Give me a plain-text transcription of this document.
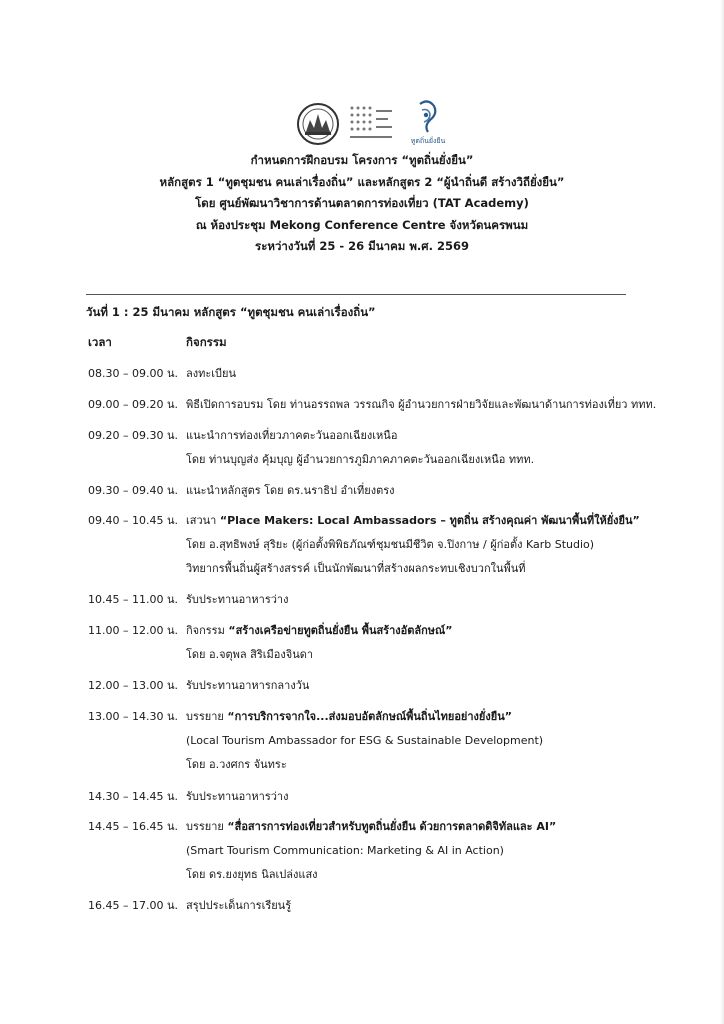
ทูตถิ่นยั่งยืน
กำหนดการฝึกอบรม โครงการ “ทูตถิ่นยั่งยืน”
หลักสูตร 1 “ทูตชุมชน คนเล่าเรื่องถิ่น” และหลักสูตร 2 “ผู้นำถิ่นดี สร้างวิถียั่งยืน”
โดย ศูนย์พัฒนาวิชาการด้านตลาดการท่องเที่ยว (TAT Academy)
ณ ห้องประชุม Mekong Conference Centre จังหวัดนครพนม
ระหว่างวันที่ 25 - 26 มีนาคม พ.ศ. 2569
วันที่ 1 : 25 มีนาคม หลักสูตร “ทูตชุมชน คนเล่าเรื่องถิ่น”
เวลา	กิจกรรม
08.30 – 09.00 น. ลงทะเบียน
09.00 – 09.20 น. พิธีเปิดการอบรม โดย ท่านอรรถพล วรรณกิจ ผู้อำนวยการฝ่ายวิจัยและพัฒนาด้านการท่องเที่ยว ททท.
09.20 – 09.30 น. แนะนำการท่องเที่ยวภาคตะวันออกเฉียงเหนือ
โดย ท่านบุญส่ง คุ้มบุญ ผู้อำนวยการภูมิภาคภาคตะวันออกเฉียงเหนือ ททท.
09.30 – 09.40 น. แนะนำหลักสูตร โดย ดร.นราธิป อำเที่ยงตรง
09.40 – 10.45 น. เสวนา “Place Makers: Local Ambassadors – ทูตถิ่น สร้างคุณค่า พัฒนาพื้นที่ให้ยั่งยืน”
โดย อ.สุทธิพงษ์ สุริยะ (ผู้ก่อตั้งพิพิธภัณฑ์ชุมชนมีชีวิต จ.ปิงกาษ / ผู้ก่อตั้ง Karb Studio)
วิทยากรพื้นถิ่นผู้สร้างสรรค์ เป็นนักพัฒนาที่สร้างผลกระทบเชิงบวกในพื้นที่
10.45 – 11.00 น. รับประทานอาหารว่าง
11.00 – 12.00 น. กิจกรรม “สร้างเครือข่ายทูตถิ่นยั่งยืน พื้นสร้างอัตลักษณ์”
โดย อ.จตุพล สิริเมืองจินดา
12.00 – 13.00 น. รับประทานอาหารกลางวัน
13.00 – 14.30 น. บรรยาย “การบริการจากใจ...ส่งมอบอัตลักษณ์พื้นถิ่นไทยอย่างยั่งยืน”
(Local Tourism Ambassador for ESG & Sustainable Development)
โดย อ.วงศกร จันทระ
14.30 – 14.45 น. รับประทานอาหารว่าง
14.45 – 16.45 น. บรรยาย “สื่อสารการท่องเที่ยวสำหรับทูตถิ่นยั่งยืน ด้วยการตลาดดิจิทัลและ AI”
(Smart Tourism Communication: Marketing & AI in Action)
โดย ดร.ยงยุทธ นิลเปล่งแสง
16.45 – 17.00 น. สรุปประเด็นการเรียนรู้
